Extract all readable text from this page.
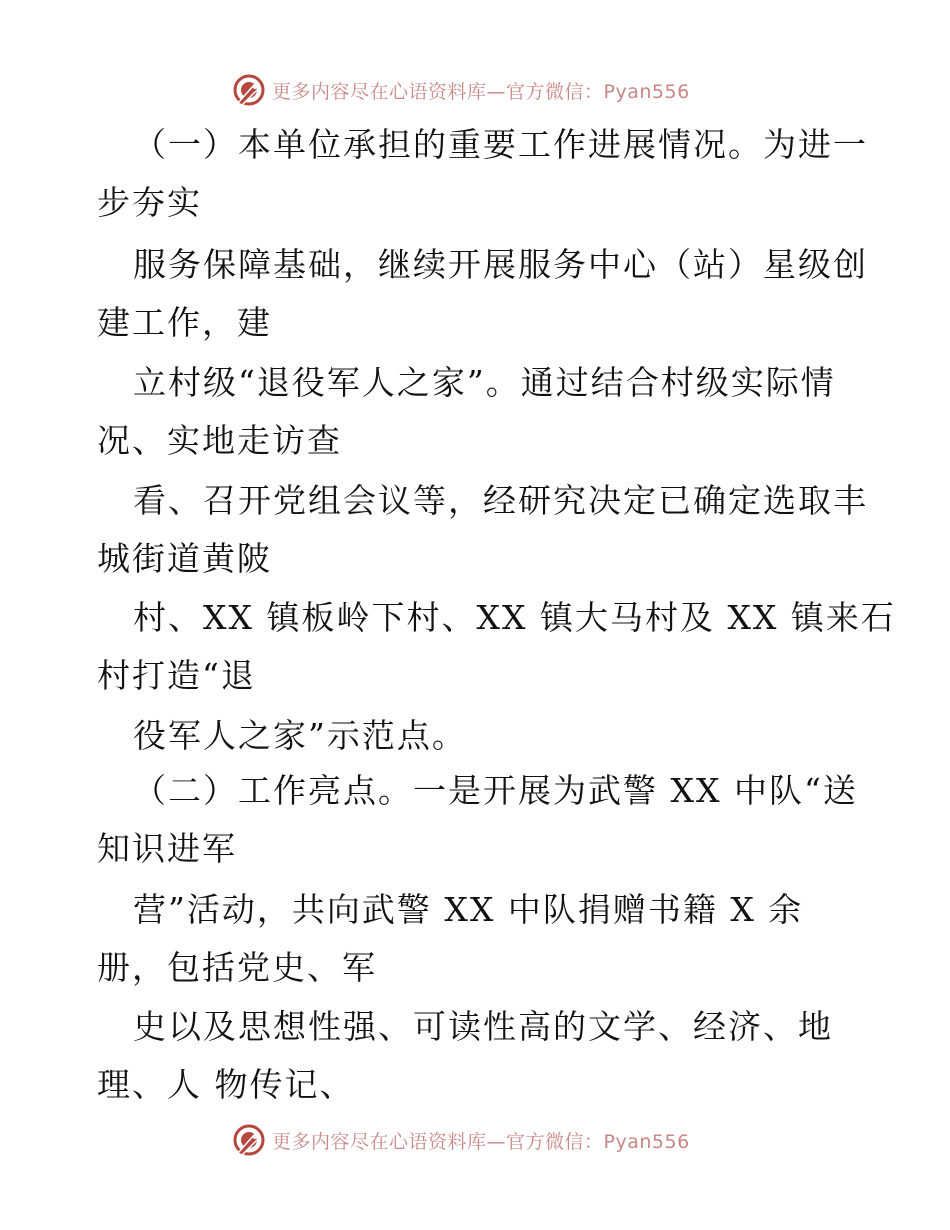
更多内容尽在心语资料库—官方微信：Pyan556
（一）本单位承担的重要工作进展情况。为进一
步夯实
服务保障基础，继续开展服务中心（站）星级创
建工作，建
立村级“退役军人之家”。通过结合村级实际情
况、实地走访查
看、召开党组会议等，经研究决定已确定选取丰
城街道黄陂
村、XX 镇板岭下村、XX 镇大马村及 XX 镇来石
村打造“退
役军人之家”示范点。
（二）工作亮点。一是开展为武警 XX 中队“送
知识进军
营”活动，共向武警 XX 中队捐赠书籍 X 余
册，包括党史、军
史以及思想性强、可读性高的文学、经济、地
理、人 物传记、
更多内容尽在心语资料库—官方微信：Pyan556
